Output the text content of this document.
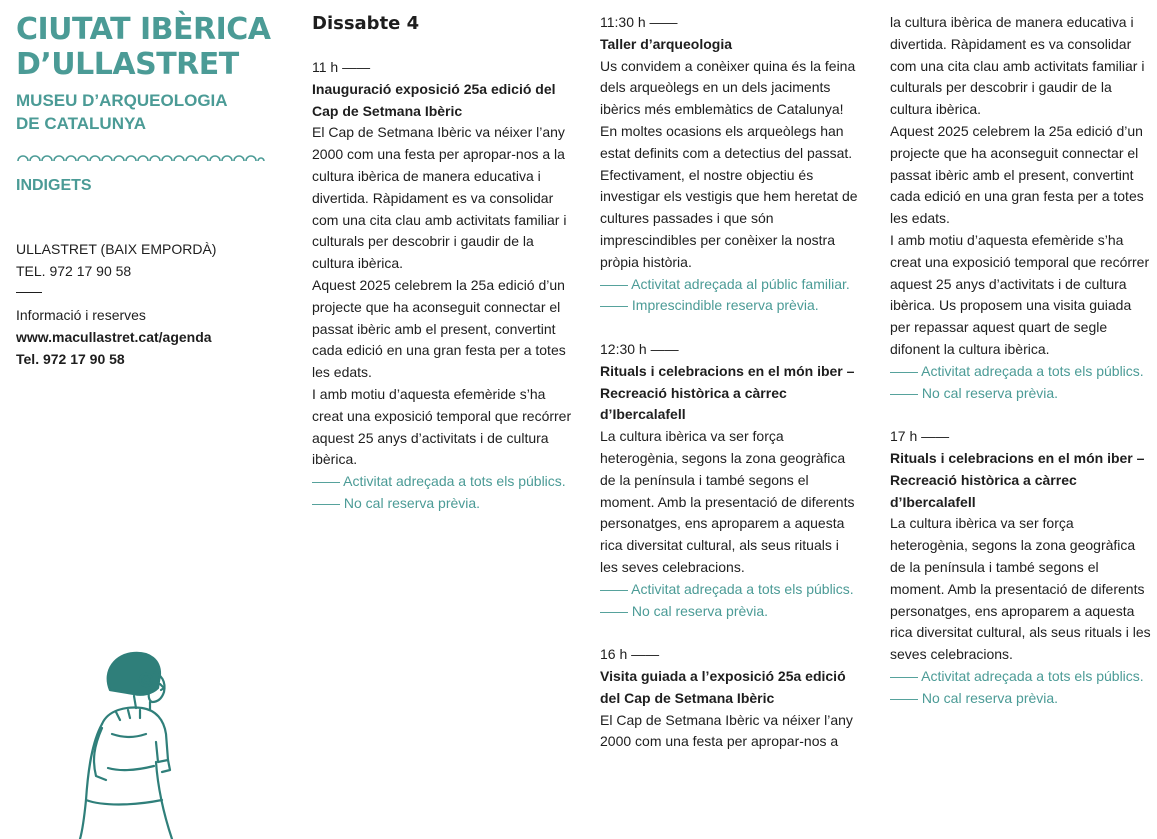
CIUTAT IBÈRICA
D’ULLASTRET
MUSEU D’ARQUEOLOGIA
DE CATALUNYA
INDIGETS
ULLASTRET (BAIX EMPORDÀ)
TEL. 972 17 90 58
Informació i reserves
www.macullastret.cat/agenda
Tel. 972 17 90 58
Dissabte 4
11 h ——
Inauguració exposició 25a edició del Cap de Setmana Ibèric

El Cap de Setmana Ibèric va néixer l’any 2000 com una festa per apropar-nos a la cultura ibèrica de manera educativa i divertida. Ràpidament es va consolidar com una cita clau amb activitats familiar i culturals per descobrir i gaudir de la cultura ibèrica.

Aquest 2025 celebrem la 25a edició d’un projecte que ha aconseguit connectar el passat ibèric amb el present, convertint cada edició en una gran festa per a totes les edats.

I amb motiu d’aquesta efemèride s’ha creat una exposició temporal que recórrer aquest 25 anys d’activitats i de cultura ibèrica.

—— Activitat adreçada a tots els públics.
—— No cal reserva prèvia.
11:30 h ——
Taller d’arqueologia

Us convidem a conèixer quina és la feina dels arqueòlegs en un dels jaciments ibèrics més emblemàtics de Catalunya!

En moltes ocasions els arqueòlegs han estat definits com a detectius del passat. Efectivament, el nostre objectiu és investigar els vestigis que hem heretat de cultures passades i que són imprescindibles per conèixer la nostra pròpia història.

—— Activitat adreçada al públic familiar.
—— Imprescindible reserva prèvia.
12:30 h ——
Rituals i celebracions en el món iber – Recreació històrica a càrrec d’Ibercalafell

La cultura ibèrica va ser força heterogènia, segons la zona geogràfica de la península i també segons el moment. Amb la presentació de diferents personatges, ens aproparem a aquesta rica diversitat cultural, als seus rituals i les seves celebracions.

—— Activitat adreçada a tots els públics.
—— No cal reserva prèvia.
16 h ——
Visita guiada a l’exposició 25a edició del Cap de Setmana Ibèric

El Cap de Setmana Ibèric va néixer l’any 2000 com una festa per apropar-nos a

la cultura ibèrica de manera educativa i divertida. Ràpidament es va consolidar com una cita clau amb activitats familiar i culturals per descobrir i gaudir de la cultura ibèrica.

Aquest 2025 celebrem la 25a edició d’un projecte que ha aconseguit connectar el passat ibèric amb el present, convertint cada edició en una gran festa per a totes les edats.

I amb motiu d’aquesta efemèride s’ha creat una exposició temporal que recórrer aquest 25 anys d’activitats i de cultura ibèrica. Us proposem una visita guiada per repassar aquest quart de segle difonent la cultura ibèrica.

—— Activitat adreçada a tots els públics.
—— No cal reserva prèvia.
17 h ——
Rituals i celebracions en el món iber – Recreació històrica a càrrec d’Ibercalafell

La cultura ibèrica va ser força heterogènia, segons la zona geogràfica de la península i també segons el moment. Amb la presentació de diferents personatges, ens aproparem a aquesta rica diversitat cultural, als seus rituals i les seves celebracions.

—— Activitat adreçada a tots els públics.
—— No cal reserva prèvia.
